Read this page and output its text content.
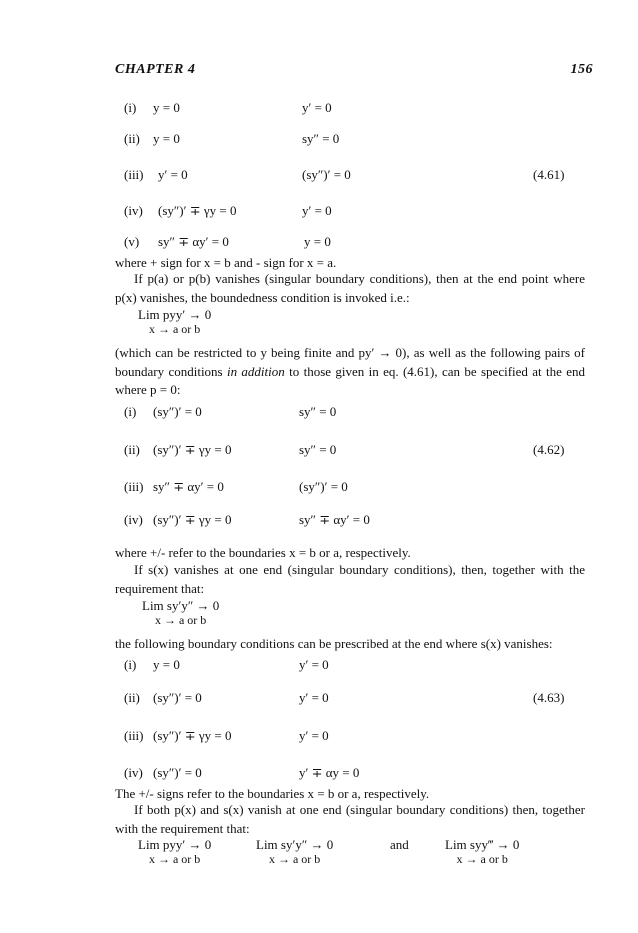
CHAPTER 4	156
(i) y = 0	y′ = 0
(ii) y = 0	sy″ = 0
(iii) y′ = 0	(sy″)′ = 0	(4.61)
(iv) (sy″)′ ∓ γy = 0	y′ = 0
(v) sy″ ∓ αy′ = 0	y = 0
where + sign for x = b and - sign for x = a.
If p(a) or p(b) vanishes (singular boundary conditions), then at the end point where p(x) vanishes, the boundedness condition is invoked i.e.:
Lim pyy′ → 0
x → a or b
(which can be restricted to y being finite and py′ → 0), as well as the following pairs of boundary conditions in addition to those given in eq. (4.61), can be specified at the end where p = 0:
(i) (sy″)′ = 0	sy″ = 0
(ii) (sy″)′ ∓ γy = 0	sy″ = 0	(4.62)
(iii) sy″ ∓ αy′ = 0	(sy″)′ = 0
(iv) (sy″)′ ∓ γy = 0	sy″ ∓ αy′ = 0
where +/- refer to the boundaries x = b or a, respectively.
If s(x) vanishes at one end (singular boundary conditions), then, together with the requirement that:
Lim sy′y″ → 0
x → a or b
the following boundary conditions can be prescribed at the end where s(x) vanishes:
(i) y = 0	y′ = 0
(ii) (sy″)′ = 0	y′ = 0	(4.63)
(iii) (sy″)′ ∓ γy = 0	y′ = 0
(iv) (sy″)′ = 0	y′ ∓ αy = 0
The +/- signs refer to the boundaries x = b or a, respectively.
If both p(x) and s(x) vanish at one end (singular boundary conditions) then, together with the requirement that:
Lim pyy′ → 0
x → a or b
Lim sy′y″ → 0
x → a or b
and	Lim syy‴ → 0
x → a or b
